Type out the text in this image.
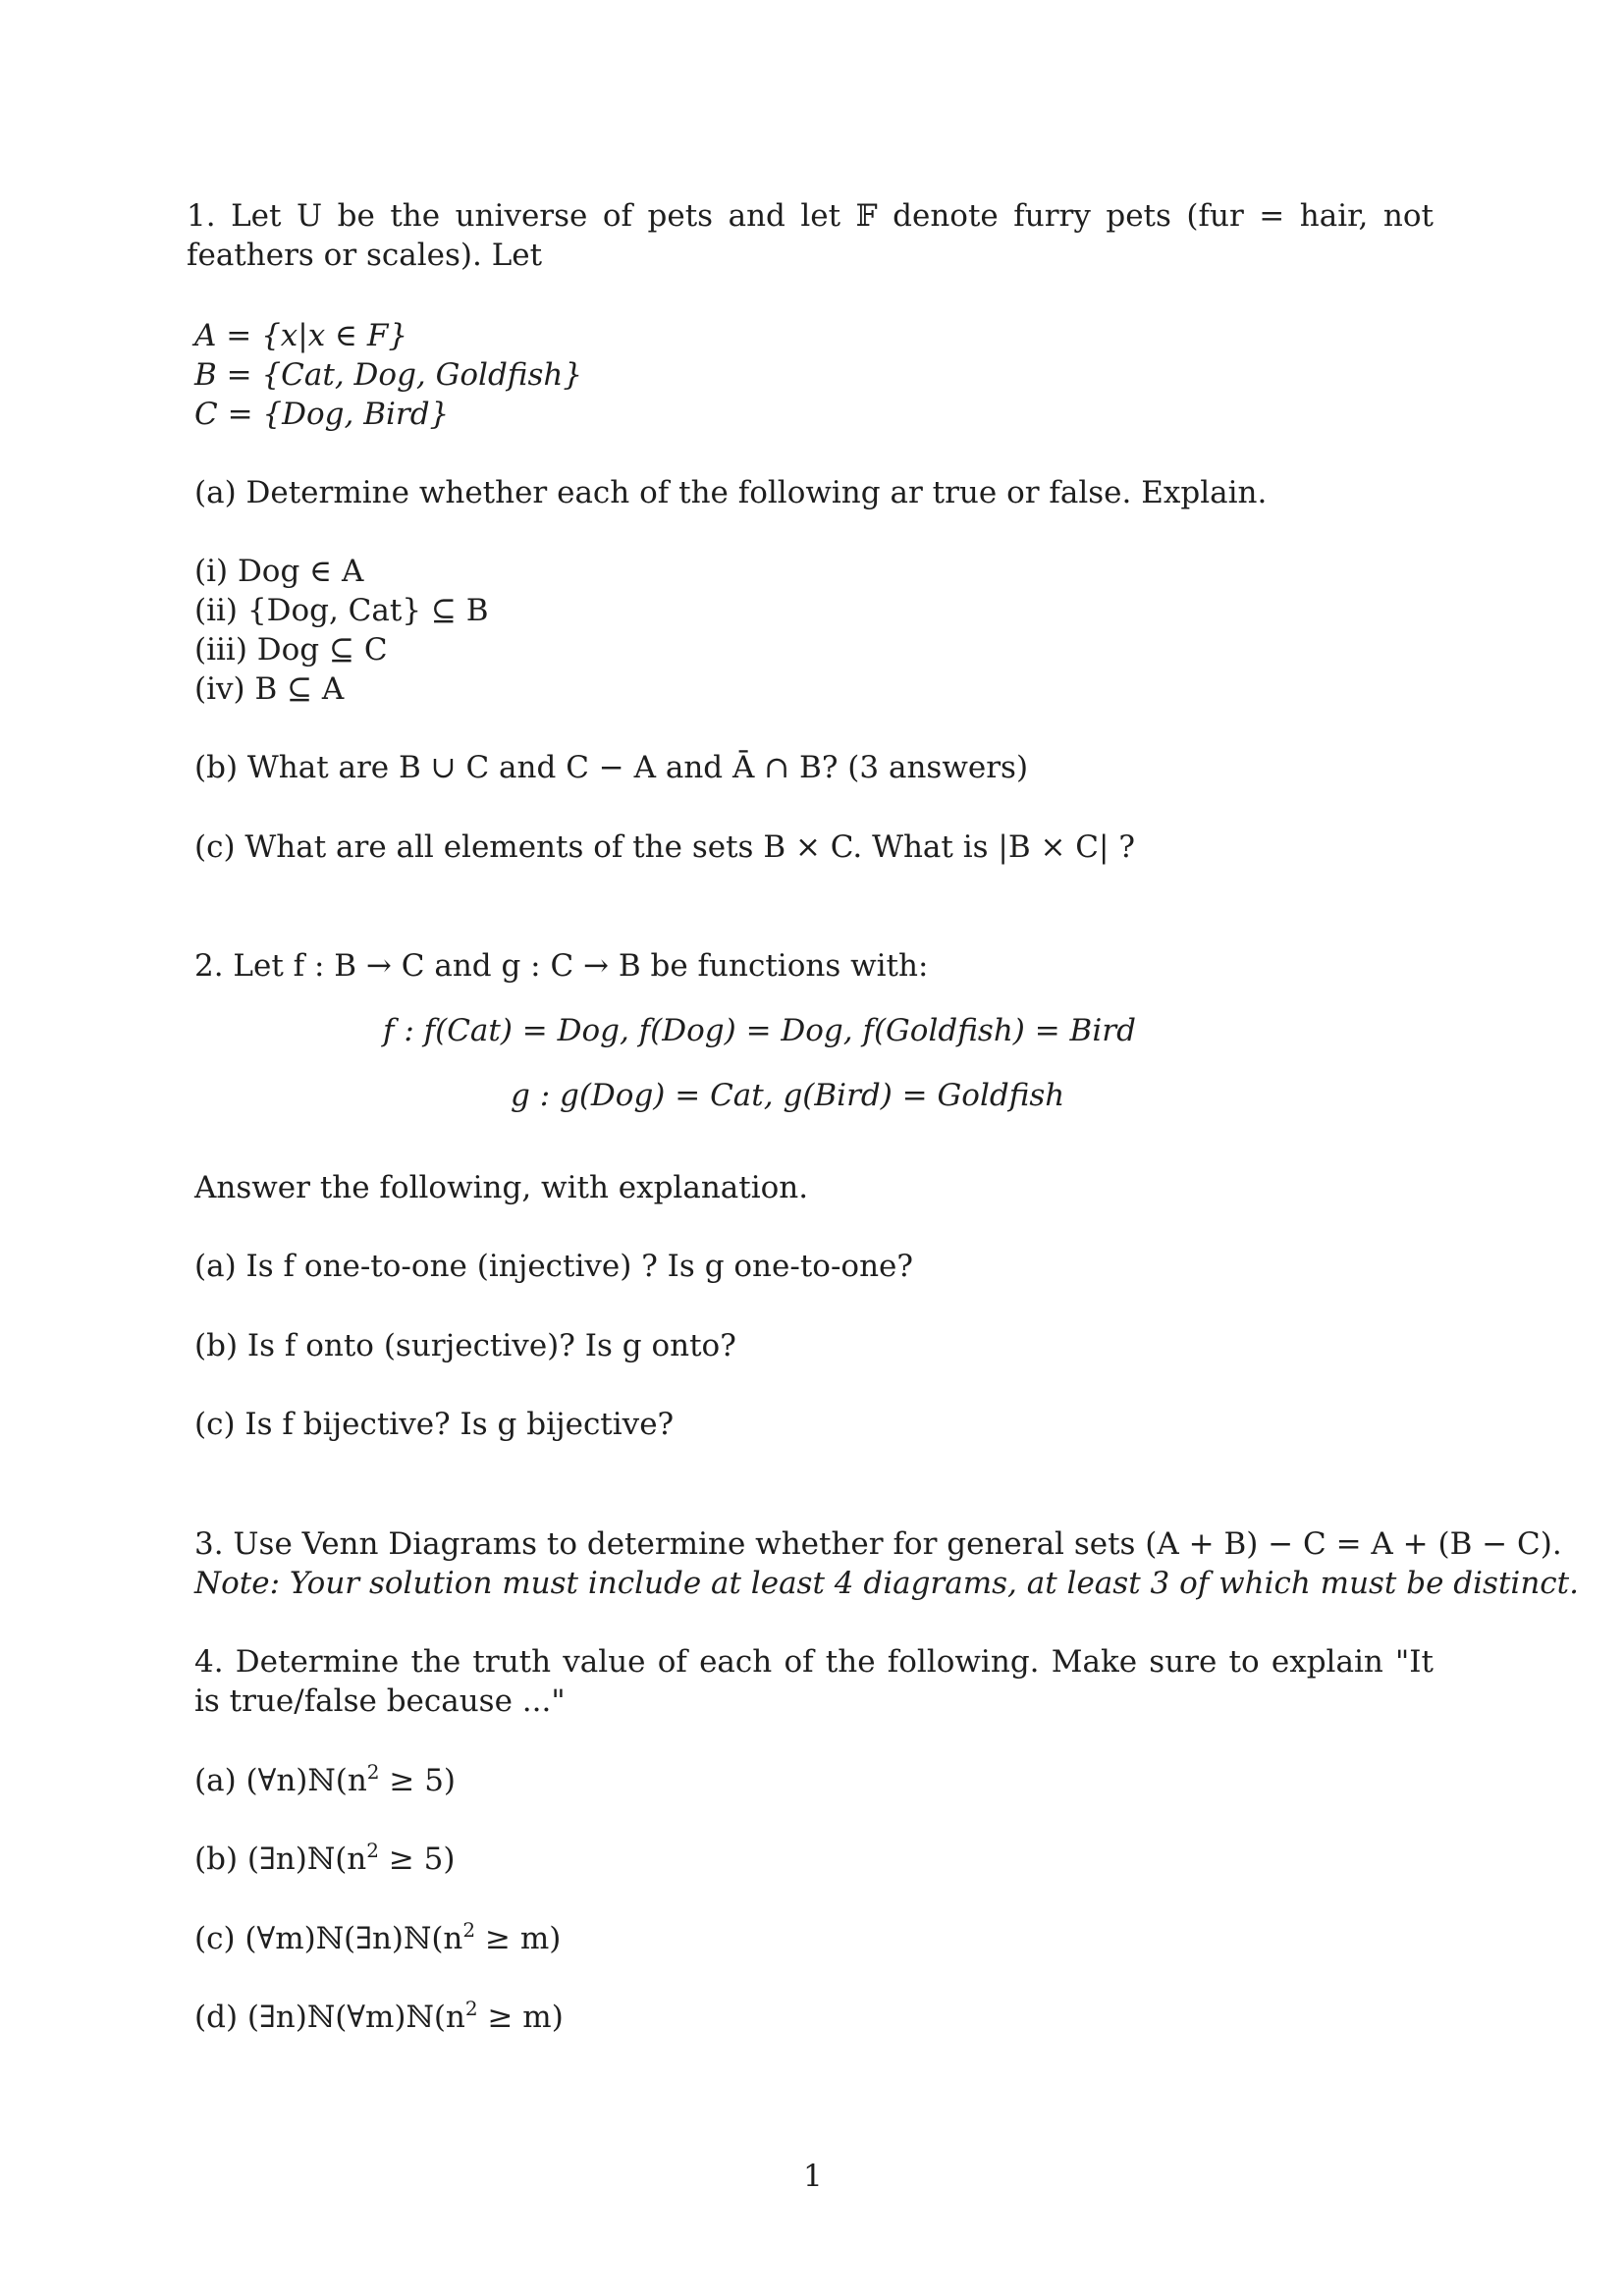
1. Let U be the universe of pets and let 𝔽 denote furry pets (fur = hair, not feathers or scales). Let
A = {x|x ∈ F}
B = {Cat, Dog, Goldfish}
C = {Dog, Bird}
(a) Determine whether each of the following ar true or false. Explain.
(i) Dog ∈ A
(ii) {Dog, Cat} ⊆ B
(iii) Dog ⊆ C
(iv) B ⊆ A
(b) What are B ∪ C and C − A and Ā ∩ B? (3 answers)
(c) What are all elements of the sets B × C. What is |B × C| ?
2. Let f : B → C and g : C → B be functions with:
f : f(Cat) = Dog, f(Dog) = Dog, f(Goldfish) = Bird
g : g(Dog) = Cat, g(Bird) = Goldfish
Answer the following, with explanation.
(a) Is f one-to-one (injective) ? Is g one-to-one?
(b) Is f onto (surjective)? Is g onto?
(c) Is f bijective? Is g bijective?
3. Use Venn Diagrams to determine whether for general sets (A + B) − C = A + (B − C).
Note: Your solution must include at least 4 diagrams, at least 3 of which must be distinct.
4. Determine the truth value of each of the following. Make sure to explain "It is true/false because ..."
(a) $(\forall n)ℕ(n^2 \ge 5)$
(b) $(\exists n)ℕ(n^2 \ge 5)$
(c) $(\forall m)ℕ(\exists n)ℕ(n^2 \ge m)$
(d) $(\exists n)ℕ(\forall m)ℕ(n^2 \ge m)$
1
